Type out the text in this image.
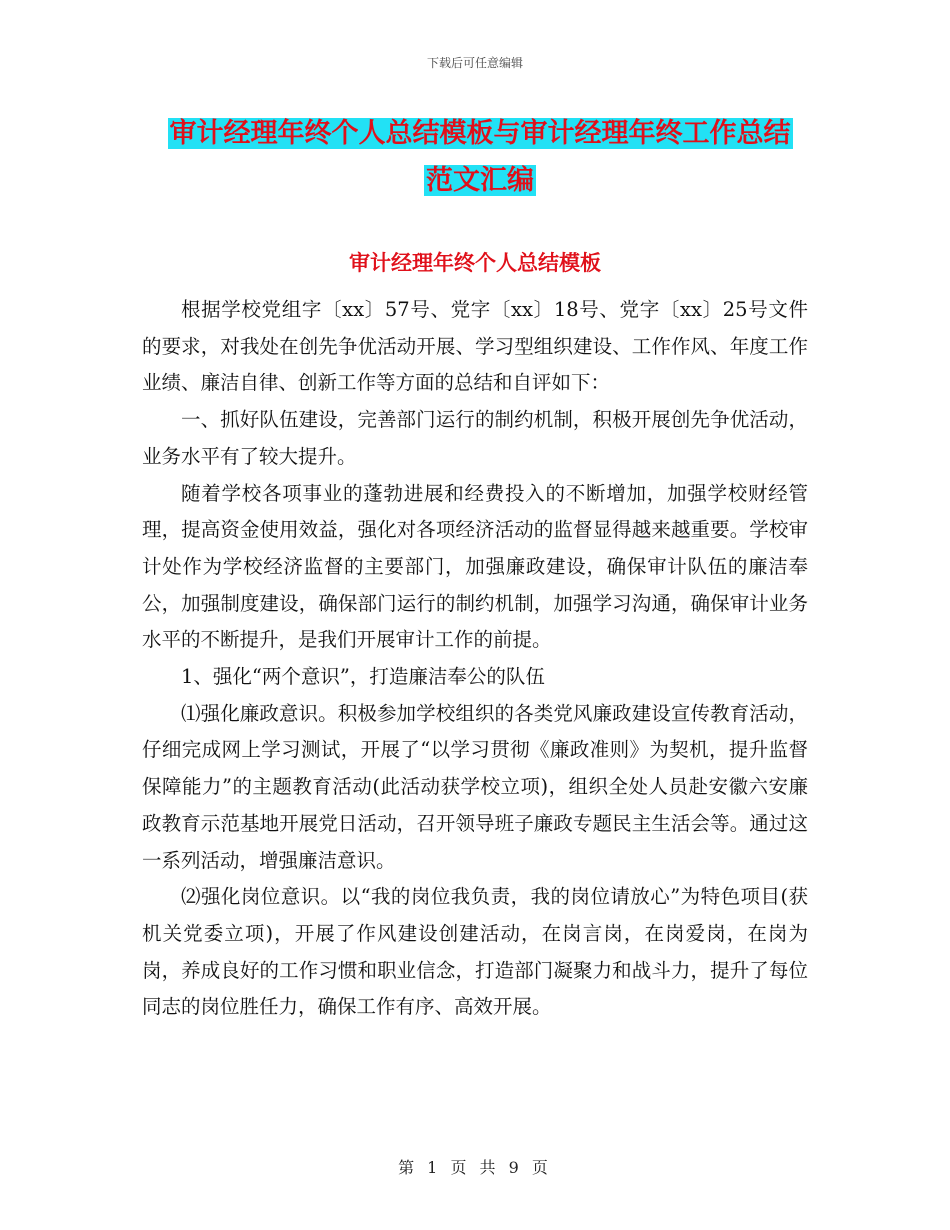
下载后可任意编辑
审计经理年终个人总结模板与审计经理年终工作总结
范文汇编
审计经理年终个人总结模板

根据学校党组字〔xx〕57号、党字〔xx〕18号、党字〔xx〕25号文件的要求，对我处在创先争优活动开展、学习型组织建设、工作作风、年度工作业绩、廉洁自律、创新工作等方面的总结和自评如下：

一、抓好队伍建设，完善部门运行的制约机制，积极开展创先争优活动，业务水平有了较大提升。

随着学校各项事业的蓬勃进展和经费投入的不断增加，加强学校财经管理，提高资金使用效益，强化对各项经济活动的监督显得越来越重要。学校审计处作为学校经济监督的主要部门，加强廉政建设，确保审计队伍的廉洁奉公，加强制度建设，确保部门运行的制约机制，加强学习沟通，确保审计业务水平的不断提升，是我们开展审计工作的前提。

1、强化“两个意识”，打造廉洁奉公的队伍

⑴强化廉政意识。积极参加学校组织的各类党风廉政建设宣传教育活动，仔细完成网上学习测试，开展了“以学习贯彻《廉政准则》为契机，提升监督保障能力”的主题教育活动(此活动获学校立项)，组织全处人员赴安徽六安廉政教育示范基地开展党日活动，召开领导班子廉政专题民主生活会等。通过这一系列活动，增强廉洁意识。

⑵强化岗位意识。以“我的岗位我负责，我的岗位请放心”为特色项目(获机关党委立项)，开展了作风建设创建活动，在岗言岗，在岗爱岗，在岗为岗，养成良好的工作习惯和职业信念，打造部门凝聚力和战斗力，提升了每位同志的岗位胜任力，确保工作有序、高效开展。

第 1 页 共 9 页
